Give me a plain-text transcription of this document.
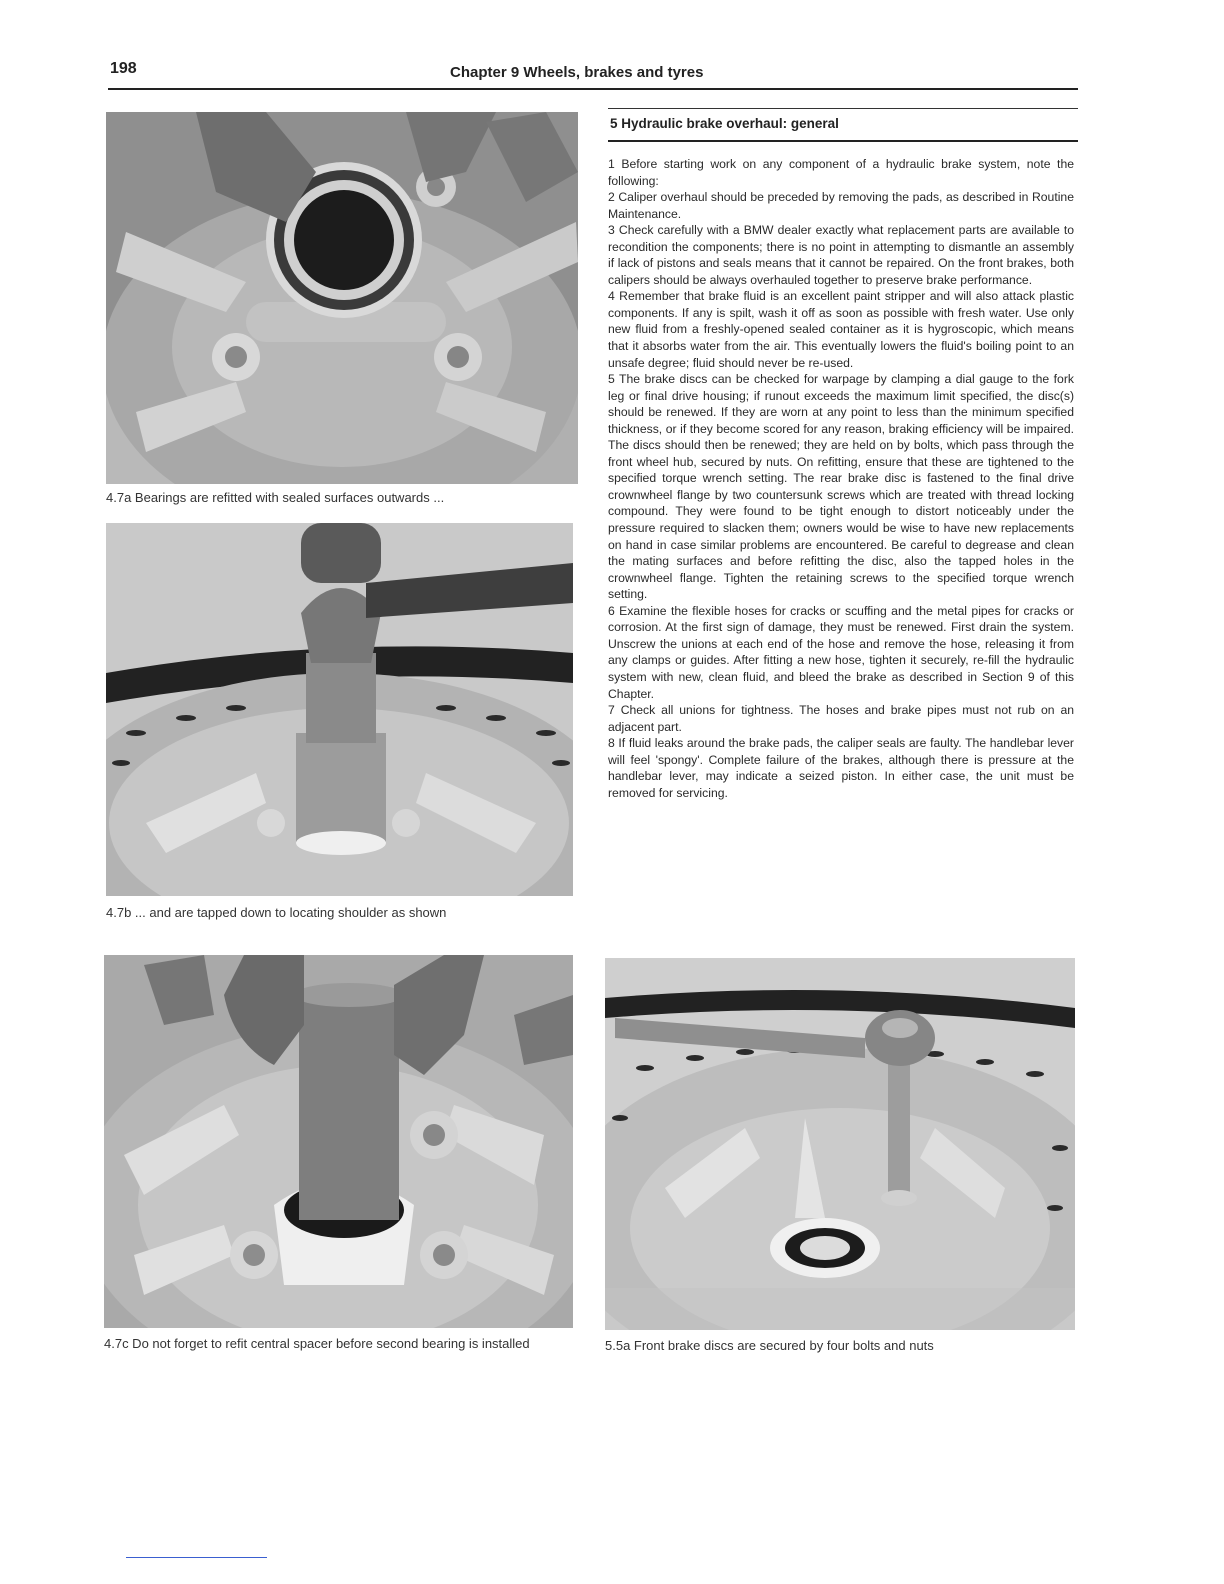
198	Chapter 9 Wheels, brakes and tyres
4.7a Bearings are refitted with sealed surfaces outwards ...
4.7b ... and are tapped down to locating shoulder as shown
5 Hydraulic brake overhaul: general

1 Before starting work on any component of a hydraulic brake system, note the following:

2 Caliper overhaul should be preceded by removing the pads, as described in Routine Maintenance.

3 Check carefully with a BMW dealer exactly what replacement parts are available to recondition the components; there is no point in attempting to dismantle an assembly if lack of pistons and seals means that it cannot be repaired. On the front brakes, both calipers should be always overhauled together to preserve brake performance.

4 Remember that brake fluid is an excellent paint stripper and will also attack plastic components. If any is spilt, wash it off as soon as possible with fresh water. Use only new fluid from a freshly-opened sealed container as it is hygroscopic, which means that it absorbs water from the air. This eventually lowers the fluid's boiling point to an unsafe degree; fluid should never be re-used.

5 The brake discs can be checked for warpage by clamping a dial gauge to the fork leg or final drive housing; if runout exceeds the maximum limit specified, the disc(s) should be renewed. If they are worn at any point to less than the minimum specified thickness, or if they become scored for any reason, braking efficiency will be impaired. The discs should then be renewed; they are held on by bolts, which pass through the front wheel hub, secured by nuts. On refitting, ensure that these are tightened to the specified torque wrench setting. The rear brake disc is fastened to the final drive crownwheel flange by two countersunk screws which are treated with thread locking compound. They were found to be tight enough to distort noticeably under the pressure required to slacken them; owners would be wise to have new replacements on hand in case similar problems are encountered. Be careful to degrease and clean the mating surfaces and before refitting the disc, also the tapped holes in the crownwheel flange. Tighten the retaining screws to the specified torque wrench setting.

6 Examine the flexible hoses for cracks or scuffing and the metal pipes for cracks or corrosion. At the first sign of damage, they must be renewed. First drain the system. Unscrew the unions at each end of the hose and remove the hose, releasing it from any clamps or guides. After fitting a new hose, tighten it securely, re-fill the hydraulic system with new, clean fluid, and bleed the brake as described in Section 9 of this Chapter.

7 Check all unions for tightness. The hoses and brake pipes must not rub on an adjacent part.

8 If fluid leaks around the brake pads, the caliper seals are faulty. The handlebar lever will feel 'spongy'. Complete failure of the brakes, although there is pressure at the handlebar lever, may indicate a seized piston. In either case, the unit must be removed for servicing.

4.7c Do not forget to refit central spacer before second bearing is installed	5.5a Front brake discs are secured by four bolts and nuts
